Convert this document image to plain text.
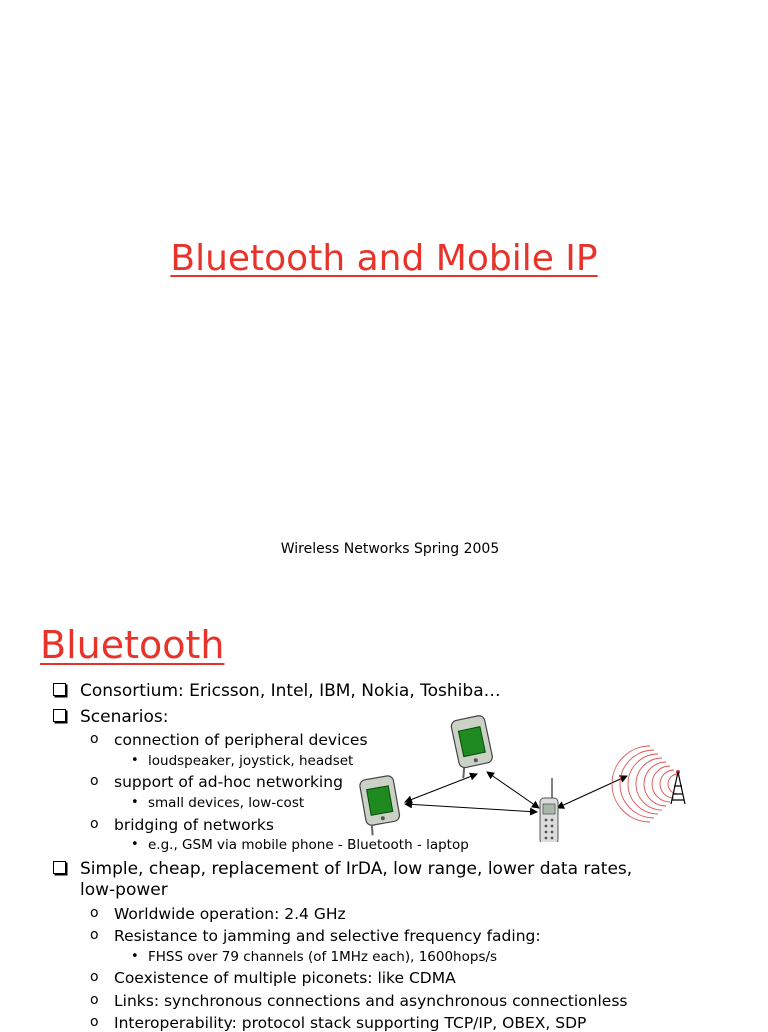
Bluetooth and Mobile IP
Wireless Networks Spring 2005
Bluetooth
Consortium: Ericsson, Intel, IBM, Nokia, Toshiba…
Scenarios:
o connection of peripheral devices
• loudspeaker, joystick, headset
o support of ad-hoc networking
• small devices, low-cost
o bridging of networks
• e.g., GSM via mobile phone - Bluetooth - laptop
Simple, cheap, replacement of IrDA, low range, lower data rates,
low-power
o Worldwide operation: 2.4 GHz
o Resistance to jamming and selective frequency fading:
• FHSS over 79 channels (of 1MHz each), 1600hops/s
o Coexistence of multiple piconets: like CDMA
o Links: synchronous connections and asynchronous connectionless
o Interoperability: protocol stack supporting TCP/IP, OBEX, SDP
